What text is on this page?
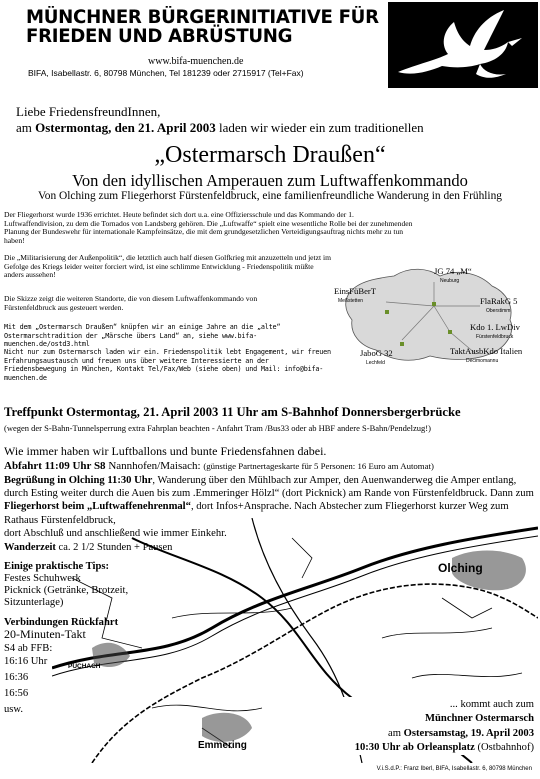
MÜNCHNER BÜRGERINITIATIVE FÜR
FRIEDEN UND ABRÜSTUNG
www.bifa-muenchen.de
BIFA, Isabellastr. 6, 80798 München, Tel 181239 oder 2715917 (Tel+Fax)
Liebe FriedensfreundInnen,
am Ostermontag, den 21. April 2003 laden wir wieder ein zum traditionellen
„Ostermarsch Draußen“
Von den idyllischen Amperauen zum Luftwaffenkommando
Von Olching zum Fliegerhorst Fürstenfeldbruck, eine familienfreundliche Wanderung in den Frühling
Der Fliegerhorst wurde 1936 errichtet. Heute befindet sich dort u.a. eine Offiziersschule und das Kommando der 1. Luftwaffendivision, zu dem die Tornados von Landsberg gehören. Die „Luftwaffe“ spielt eine wesentliche Rolle bei der zunehmenden Planung der Bundeswehr für internationale Kampfeinsätze, die mit dem grundgesetzlichen Verteidigungsauftrag nichts mehr zu tun haben!
Die „Militarisierung der Außenpolitik“, die letztlich auch half diesen Golfkrieg mit anzuzetteln und jetzt im Gefolge des Kriegs leider weiter forciert wird, ist eine schlimme Entwicklung - Friedenspolitik müßte anders aussehen!
Die Skizze zeigt die weiteren Standorte, die von diesem Luftwaffenkommando von Fürstenfeldbruck aus gesteuert werden.
EinsFüBerT
Meßstetten
JG 74 „M“
Neuburg
FlaRakG 5
Oberstimm
Kdo 1. LwDiv
Fürstenfeldbruck
JaboG 32
Lechfeld
TaktAusbKdo Italien
Decimomannu
Mit dem „Ostermarsch Draußen“ knüpfen wir an einige Jahre an die „alte“ Ostermarschtradition der „Märsche übers Land“ an, siehe www.bifa-muenchen.de/ostd3.html
Nicht nur zum Ostermarsch laden wir ein. Friedenspolitik lebt Engagement, wir freuen Erfahrungsaustausch und freuen uns über weitere Interessierte an der Friedensbewegung in München, Kontakt Tel/Fax/Web (siehe oben) und Mail: info@bifa-muenchen.de
Treffpunkt Ostermontag, 21. April 2003 11 Uhr am S-Bahnhof Donnersbergerbrücke
(wegen der S-Bahn-Tunnelsperrung extra Fahrplan beachten - Anfahrt Tram /Bus33 oder ab HBF andere S-Bahn/Pendelzug!)
Wie immer haben wir Luftballons und bunte Friedensfahnen dabei.
Abfahrt 11:09 Uhr S8 Nannhofen/Maisach: (günstige Partnertageskarte für 5 Personen: 16 Euro am Automat)
Begrüßung in Olching 11:30 Uhr, Wanderung über den Mühlbach zur Amper, den Auenwanderweg die Amper entlang, durch Esting weiter durch die Auen bis zum .Emmeringer Hölzl“ (dort Picknick) am Rande von Fürstenfeldbruck. Dann zum Fliegerhorst beim „Luftwaffenehrenmal“, dort Infos+Ansprache. Nach Abstecher zum Fliegerhorst kurzer Weg zum Rathaus Fürstenfeldbruck,
dort Abschluß und anschließend wie immer Einkehr.
Olching
PUCHACH
Emmering
Wanderzeit ca. 2 1/2 Stunden + Pausen
Einige praktische Tips:
Festes Schuhwerk
Picknick (Getränke, Brotzeit,
Sitzunterlage)
Verbindungen Rückfahrt
20-Minuten-Takt
S4 ab FFB:
16:16 Uhr
16:36
16:56
usw.	... kommt auch zum
Münchner Ostermarsch
am Ostersamstag, 19. April 2003
10:30 Uhr ab Orleansplatz (Ostbahnhof)
V.i.S.d.P.: Franz Iberl, BIFA, Isabellastr. 6, 80798 München
